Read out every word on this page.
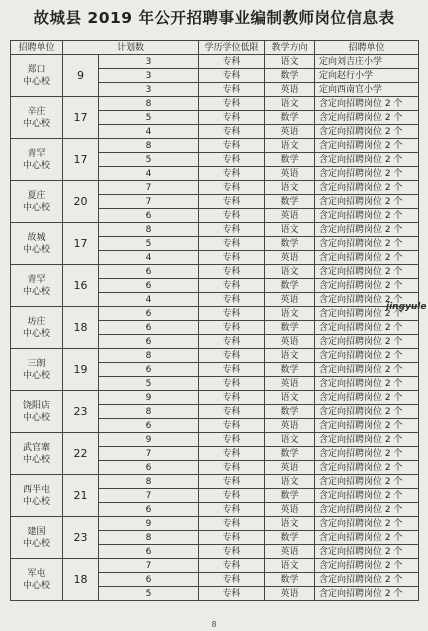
故城县 2019 年公开招聘事业编制教师岗位信息表
招聘单位	计划数		学历学位低限	教学方向	招聘单位
郑口
中心校	9	3	专科	语文	定向刘吉庄小学
		3	专科	数学	定向赵行小学
		3	专科	英语	定向西南官小学
辛庄
中心校	17	8	专科	语文	含定向招聘岗位 2 个
		5	专科	数学	含定向招聘岗位 2 个
		4	专科	英语	含定向招聘岗位 2 个
青罕
中心校	17	8	专科	语文	含定向招聘岗位 2 个
		5	专科	数学	含定向招聘岗位 2 个
		4	专科	英语	含定向招聘岗位 2 个
夏庄
中心校	20	7	专科	语文	含定向招聘岗位 2 个
		7	专科	数学	含定向招聘岗位 2 个
		6	专科	英语	含定向招聘岗位 2 个
故城
中心校	17	8	专科	语文	含定向招聘岗位 2 个
		5	专科	数学	含定向招聘岗位 2 个
		4	专科	英语	含定向招聘岗位 2 个
青罕
中心校	16	6	专科	语文	含定向招聘岗位 2 个
		6	专科	数学	含定向招聘岗位 2 个
		4	专科	英语	含定向招聘岗位 2 个
坊庄
中心校	18	6	专科	语文	含定向招聘岗位 2 个
		6	专科	数学	含定向招聘岗位 2 个
		6	专科	英语	含定向招聘岗位 2 个
三朗
中心校	19	8	专科	语文	含定向招聘岗位 2 个
		6	专科	数学	含定向招聘岗位 2 个
		5	专科	英语	含定向招聘岗位 2 个
饶阳店
中心校	23	9	专科	语文	含定向招聘岗位 2 个
		8	专科	数学	含定向招聘岗位 2 个
		6	专科	英语	含定向招聘岗位 2 个
武官寨
中心校	22	9	专科	语文	含定向招聘岗位 2 个
		7	专科	数学	含定向招聘岗位 2 个
		6	专科	英语	含定向招聘岗位 2 个
西半屯
中心校	21	8	专科	语文	含定向招聘岗位 2 个
		7	专科	数学	含定向招聘岗位 2 个
		6	专科	英语	含定向招聘岗位 2 个
建国
中心校	23	9	专科	语文	含定向招聘岗位 2 个
		8	专科	数学	含定向招聘岗位 2 个
		6	专科	英语	含定向招聘岗位 2 个
军屯
中心校	18	7	专科	语文	含定向招聘岗位 2 个
		6	专科	数学	含定向招聘岗位 2 个
		5	专科	英语	含定向招聘岗位 2 个
jingyule
8
